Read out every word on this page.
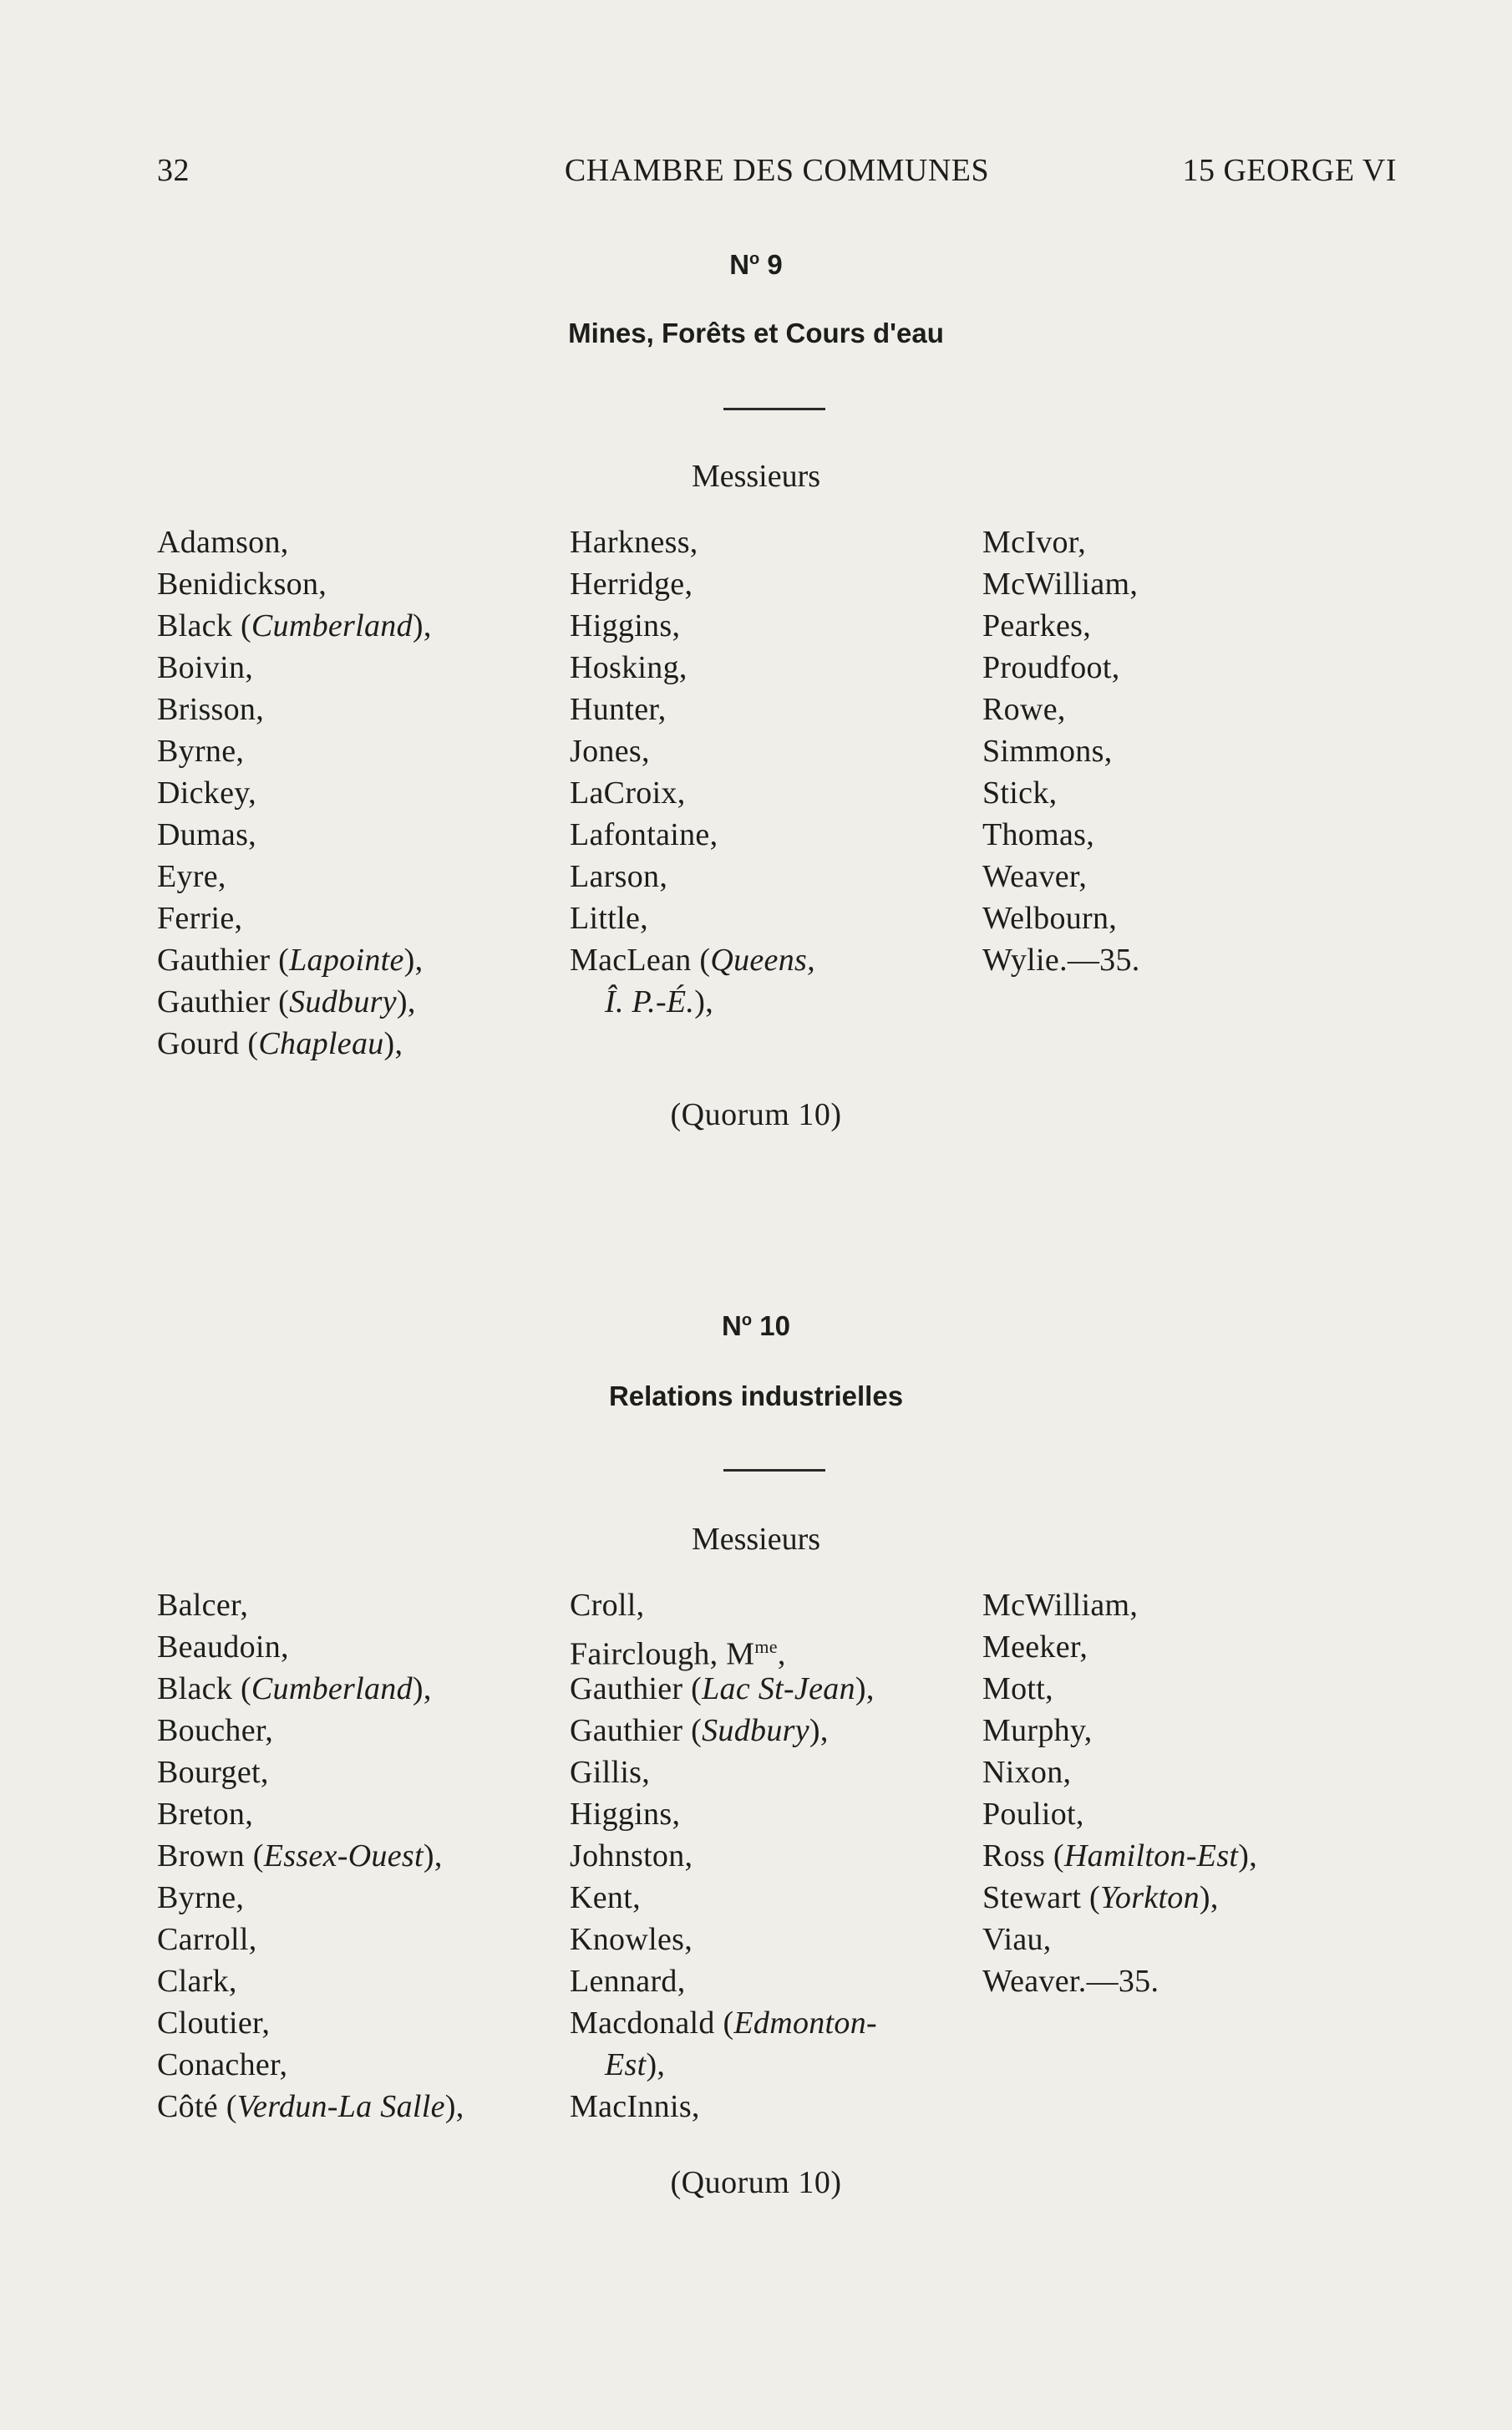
32	CHAMBRE DES COMMUNES	15 GEORGE VI
$N^o$ 9
Mines, Forêts et Cours d'eau
Messieurs
Adamson,
Benidickson,
Black (Cumberland),
Boivin,
Brisson,
Byrne,
Dickey,
Dumas,
Eyre,
Ferrie,
Gauthier (Lapointe),
Gauthier (Sudbury),
Gourd (Chapleau),
Harkness,
Herridge,
Higgins,
Hosking,
Hunter,
Jones,
LaCroix,
Lafontaine,
Larson,
Little,
MacLean (Queens,
Î. P.-É.),
McIvor,
McWilliam,
Pearkes,
Proudfoot,
Rowe,
Simmons,
Stick,
Thomas,
Weaver,
Welbourn,
Wylie.—35.
(Quorum 10)
$N^o$ 10
Relations industrielles
Messieurs
Balcer,
Beaudoin,
Black (Cumberland),
Boucher,
Bourget,
Breton,
Brown (Essex-Ouest),
Byrne,
Carroll,
Clark,
Cloutier,
Conacher,
Côté (Verdun-La Salle),
Croll,
Fairclough, $M^{me}$,
Gauthier (Lac St-Jean),
Gauthier (Sudbury),
Gillis,
Higgins,
Johnston,
Kent,
Knowles,
Lennard,
Macdonald (Edmonton-
Est),
MacInnis,
McWilliam,
Meeker,
Mott,
Murphy,
Nixon,
Pouliot,
Ross (Hamilton-Est),
Stewart (Yorkton),
Viau,
Weaver.—35.
(Quorum 10)
